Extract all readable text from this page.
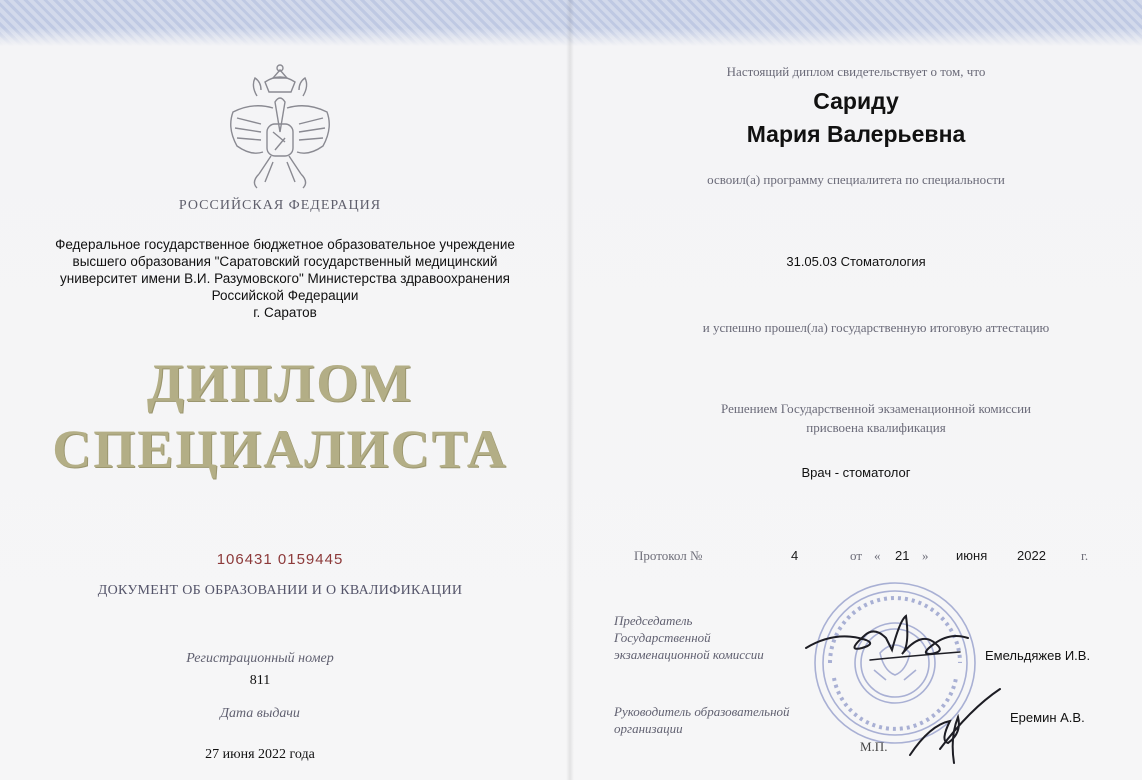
РОССИЙСКАЯ ФЕДЕРАЦИЯ
Федеральное государственное бюджетное образовательное учреждение
высшего образования "Саратовский государственный медицинский
университет имени В.И. Разумовского" Министерства здравоохранения
Российской Федерации
г. Саратов
ДИПЛОМ
СПЕЦИАЛИСТА
106431 0159445
ДОКУМЕНТ ОБ ОБРАЗОВАНИИ И О КВАЛИФИКАЦИИ
Регистрационный номер
811
Дата выдачи
27 июня 2022 года
Настоящий диплом свидетельствует о том, что
Сариду
Мария Валерьевна
освоил(а) программу специалитета по специальности
31.05.03 Стоматология
и успешно прошел(ла) государственную итоговую аттестацию
Решением Государственной экзаменационной комиссии
присвоена квалификация
Врач - стоматолог
Протокол №	4	от « 21 » июня 2022	г.
Председатель
Государственной
экзаменационной комиссии	Емельдяжев И.В.
Руководитель образовательной
организации
Еремин А.В.
М.П.
